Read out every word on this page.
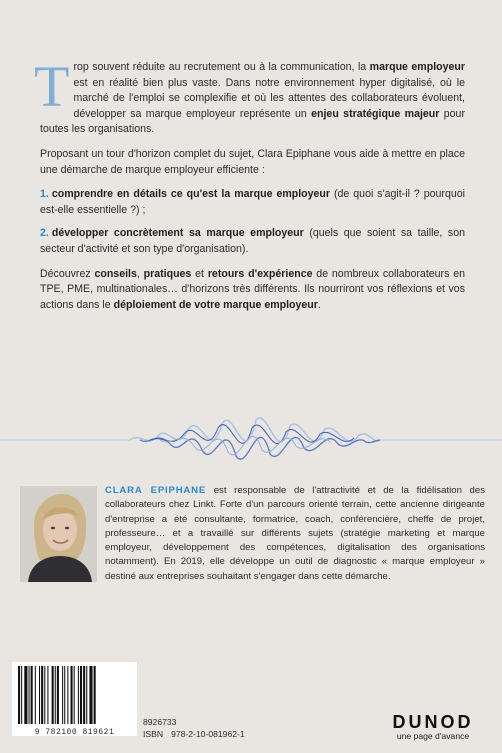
T rop souvent réduite au recrutement ou à la communication, la marque employeur est en réalité bien plus vaste. Dans notre environnement hyper digitalisé, où le marché de l'emploi se complexifie et où les attentes des collaborateurs évoluent, développer sa marque employeur représente un enjeu stratégique majeur pour toutes les organisations.

Proposant un tour d'horizon complet du sujet, Clara Epiphane vous aide à mettre en place une démarche de marque employeur efficiente :

1. comprendre en détails ce qu'est la marque employeur (de quoi s'agit-il ? pourquoi est-elle essentielle ?) ;
2. développer concrètement sa marque employeur (quels que soient sa taille, son secteur d'activité et son type d'organisation).

Découvrez conseils, pratiques et retours d'expérience de nombreux collaborateurs en TPE, PME, multinationales… d'horizons très différents. Ils nourriront vos réflexions et vos actions dans le déploiement de votre marque employeur.

CLARA EPIPHANE est responsable de l'attractivité et de la fidélisation des collaborateurs chez Linkt. Forte d'un parcours orienté terrain, cette ancienne dirigeante d'entreprise a été consultante, formatrice, coach, conférencière, cheffe de projet, professeure… et a travaillé sur différents sujets (stratégie marketing et marque employeur, développement des compétences, digitalisation des organisations notamment). En 2019, elle développe un outil de diagnostic « marque employeur » destiné aux entreprises souhaitant s'engager dans cette démarche.
9 782100 819621
8926733
ISBN 978-2-10-081962-1
DUNOD
une page d'avance
